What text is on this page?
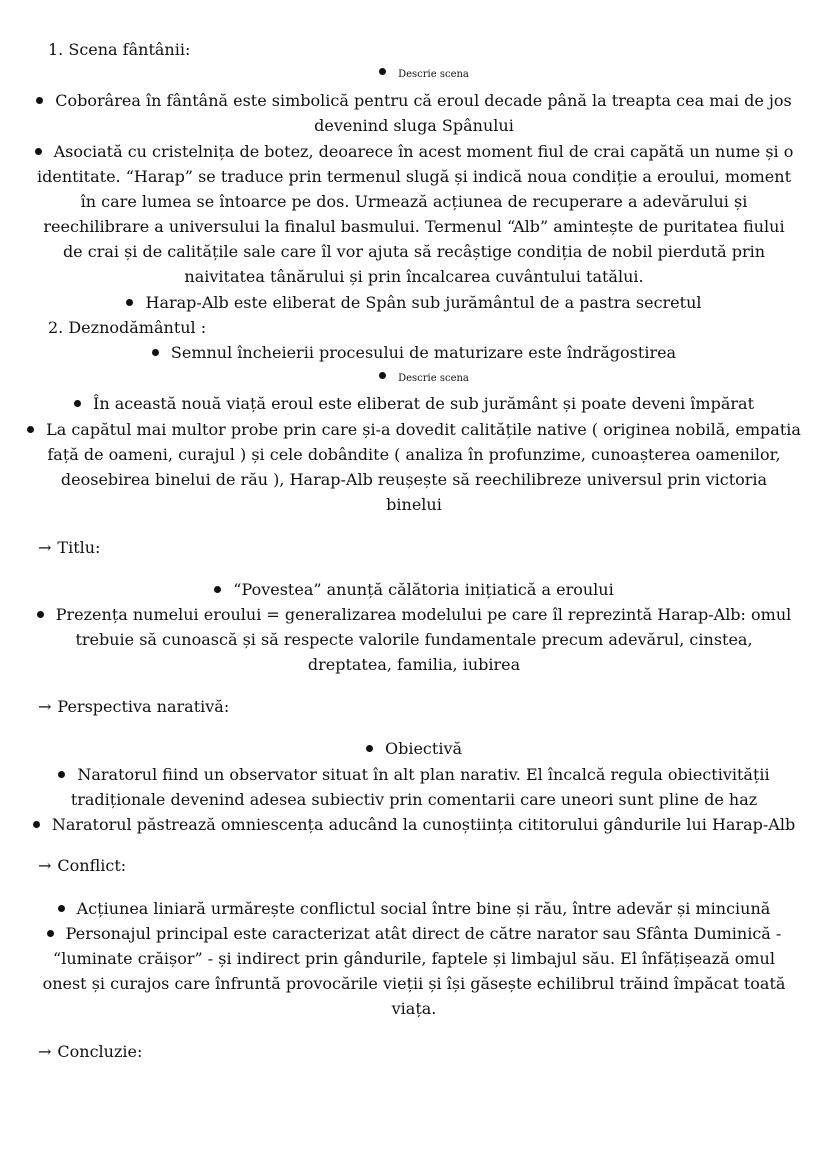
1. Scena fântânii:
Descrie scena
Coborârea în fântână este simbolică pentru că eroul decade până la treapta cea mai de jos
devenind sluga Spânului
Asociată cu cristelnița de botez, deoarece în acest moment fiul de crai capătă un nume și o
identitate. “Harap” se traduce prin termenul slugă și indică noua condiție a eroului, moment
în care lumea se întoarce pe dos. Urmează acțiunea de recuperare a adevărului și
reechilibrare a universului la finalul basmului. Termenul “Alb” amintește de puritatea fiului
de crai și de calitățile sale care îl vor ajuta să recâștige condiția de nobil pierdută prin
naivitatea tânărului și prin încalcarea cuvântului tatălui.
Harap-Alb este eliberat de Spân sub jurământul de a pastra secretul
2. Deznodământul :
Semnul încheierii procesului de maturizare este îndrăgostirea
Descrie scena
În această nouă viață eroul este eliberat de sub jurământ și poate deveni împărat
La capătul mai multor probe prin care și-a dovedit calitățile native ( originea nobilă, empatia
față de oameni, curajul ) și cele dobândite ( analiza în profunzime, cunoașterea oamenilor,
deosebirea binelui de rău ), Harap-Alb reușește să reechilibreze universul prin victoria
binelui
→ Titlu:
“Povestea” anunță călătoria inițiatică a eroului
Prezența numelui eroului = generalizarea modelului pe care îl reprezintă Harap-Alb: omul
trebuie să cunoască și să respecte valorile fundamentale precum adevărul, cinstea,
dreptatea, familia, iubirea
→ Perspectiva narativă:
Obiectivă
Naratorul fiind un observator situat în alt plan narativ. El încalcă regula obiectivității
tradiționale devenind adesea subiectiv prin comentarii care uneori sunt pline de haz
Naratorul păstrează omniescența aducând la cunoștiința cititorului gândurile lui Harap-Alb
→ Conflict:
Acțiunea liniară urmărește conflictul social între bine și rău, între adevăr și minciună
Personajul principal este caracterizat atât direct de către narator sau Sfânta Duminică -
“luminate crăișor” - și indirect prin gândurile, faptele și limbajul său. El înfățișează omul
onest și curajos care înfruntă provocările vieții și își găsește echilibrul trăind împăcat toată
viața.
→ Concluzie:
